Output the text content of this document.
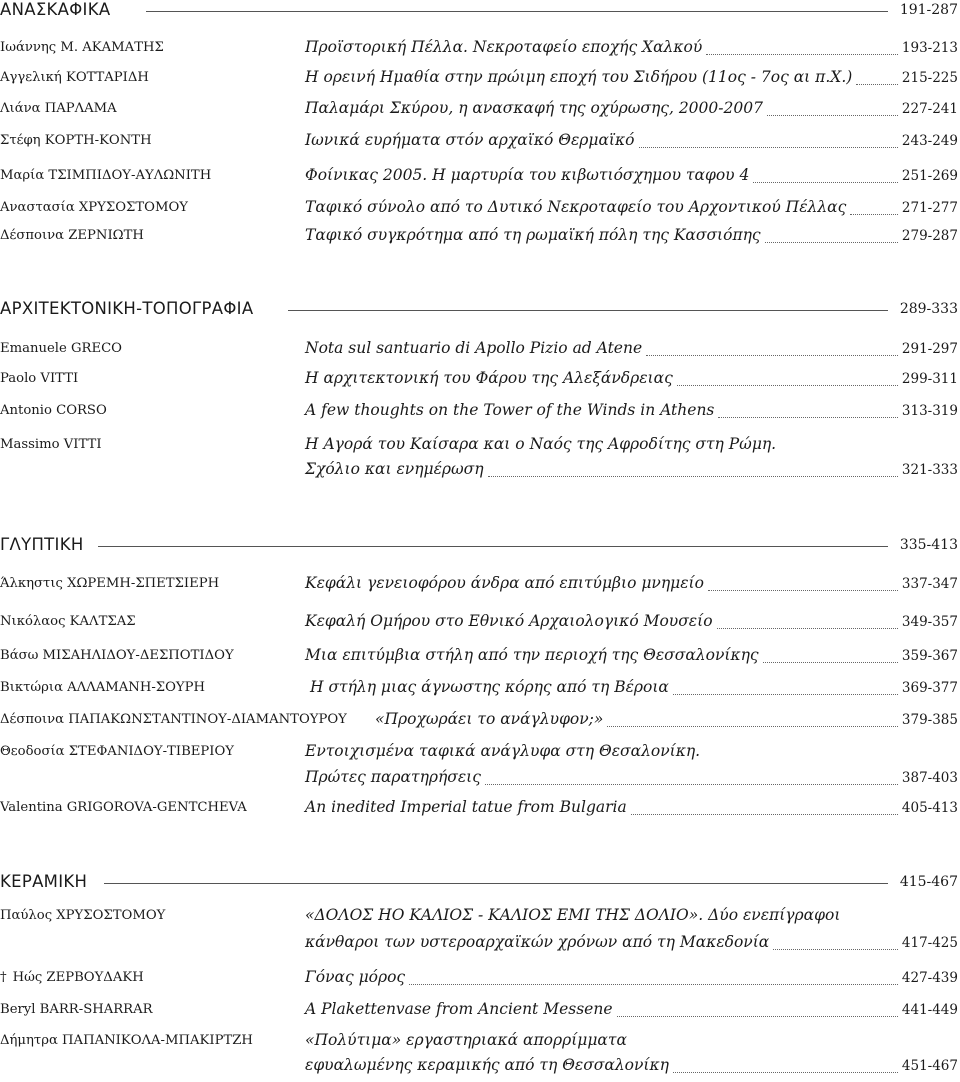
ΑΝΑΣΚΑΦΙΚΑ	191-287
Ιωάννης Μ. ΑΚΑΜΑΤΗΣ	Προϊστορική Πέλλα. Νεκροταφείο εποχής Χαλκού	193-213
Αγγελική ΚΟΤΤΑΡΙΔΗ	Η ορεινή Ημαθία στην πρώιμη εποχή του Σιδήρου (11ος - 7ος αι π.Χ.)	215-225
Λιάνα ΠΑΡΛΑΜΑ	Παλαμάρι Σκύρου, η ανασκαφή της οχύρωσης, 2000-2007	227-241
Στέφη ΚΟΡΤΗ-ΚΟΝΤΗ	Ιωνικά ευρήματα στόν αρχαϊκό Θερμαϊκό	243-249
Μαρία ΤΣΙΜΠΙΔΟΥ-ΑΥΛΩΝΙΤΗ	Φοίνικας 2005. Η μαρτυρία του κιβωτιόσχημου ταφου 4	251-269
Αναστασία ΧΡΥΣΟΣΤΟΜΟΥ	Ταφικό σύνολο από το Δυτικό Νεκροταφείο του Αρχοντικού Πέλλας	271-277
Δέσποινα ΖΕΡΝΙΩΤΗ	Ταφικό συγκρότημα από τη ρωμαϊκή πόλη της Κασσιόπης	279-287
ΑΡΧΙΤΕΚΤΟΝΙΚΗ-ΤΟΠΟΓΡΑΦΙΑ	289-333
Emanuele GRECO	Nota sul santuario di Apollo Pizio ad Atene	291-297
Paolo VITTI	Η αρχιτεκτονική του Φάρου της Αλεξάνδρειας	299-311
Antonio CORSO	A few thoughts on the Tower of the Winds in Athens	313-319
Massimo VITTI	Η Αγορά του Καίσαρα και ο Ναός της Αφροδίτης στη Ρώμη.
Σχόλιο και ενημέρωση	321-333
ΓΛΥΠΤΙΚΗ	335-413
Άλκηστις ΧΩΡΕΜΗ-ΣΠΕΤΣΙΕΡΗ	Κεφάλι γενειοφόρου άνδρα από επιτύμβιο μνημείο	337-347
Νικόλαος ΚΑΛΤΣΑΣ	Κεφαλή Ομήρου στο Εθνικό Αρχαιολογικό Μουσείο	349-357
Βάσω ΜΙΣΑΗΛΙΔΟΥ-ΔΕΣΠΟΤΙΔΟΥ	Μια επιτύμβια στήλη από την περιοχή της Θεσσαλονίκης	359-367
Βικτώρια ΑΛΛΑΜΑΝΗ-ΣΟΥΡΗ	Η στήλη μιας άγνωστης κόρης από τη Βέροια	369-377
Δέσποινα ΠΑΠΑΚΩΝΣΤΑΝΤΙΝΟΥ-ΔΙΑΜΑΝΤΟΥΡΟΥ «Προχωράει το ανάγλυφον;»	379-385
Θεοδοσία ΣΤΕΦΑΝΙΔΟΥ-ΤΙΒΕΡΙΟΥ	Εντοιχισμένα ταφικά ανάγλυφα στη Θεσαλονίκη.
Πρώτες παρατηρήσεις	387-403
Valentina GRIGOROVA-GENTCHEVA	An inedited Imperial tatue from Bulgaria	405-413
ΚΕΡΑΜΙΚΗ	415-467
Παύλος ΧΡΥΣΟΣΤΟΜΟΥ	«ΔΟΛΟΣ ΗΟ ΚΑΛΙΟΣ - ΚΑΛΙΟΣ ΕΜΙ ΤΗΣ ΔΟΛΙΟ». Δύο ενεπίγραφοι
κάνθαροι των υστεροαρχαϊκών χρόνων από τη Μακεδονία	417-425
† Ηώς ΖΕΡΒΟΥΔΑΚΗ	Γόνας μόρος	427-439
Beryl BARR-SHARRAR	A Plakettenvase from Ancient Messene	441-449
Δήμητρα ΠΑΠΑΝΙΚΟΛΑ-ΜΠΑΚΙΡΤΖΗ	«Πολύτιμα» εργαστηριακά απορρίμματα
εφυαλωμένης κεραμικής από τη Θεσσαλονίκη	451-467
